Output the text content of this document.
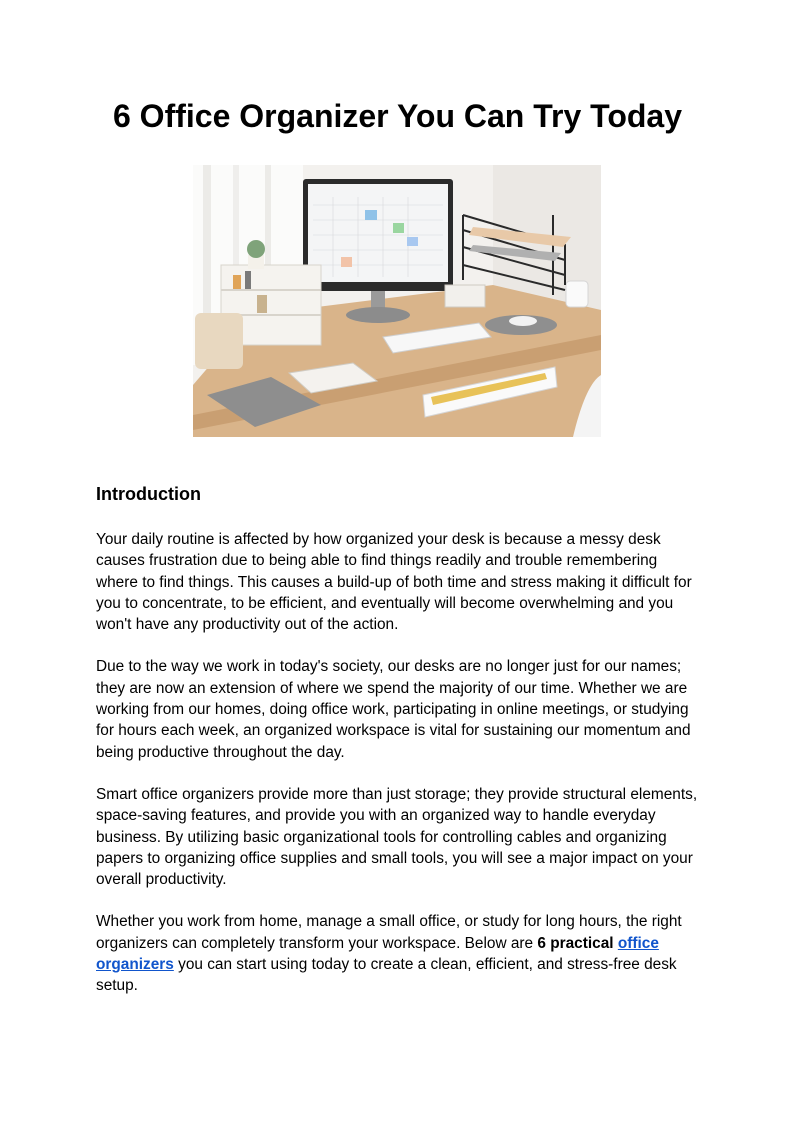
6 Office Organizer You Can Try Today
Introduction

Your daily routine is affected by how organized your desk is because a messy desk causes frustration due to being able to find things readily and trouble remembering where to find things. This causes a build-up of both time and stress making it difficult for you to concentrate, to be efficient, and eventually will become overwhelming and you won't have any productivity out of the action.

Due to the way we work in today's society, our desks are no longer just for our names; they are now an extension of where we spend the majority of our time. Whether we are working from our homes, doing office work, participating in online meetings, or studying for hours each week, an organized workspace is vital for sustaining our momentum and being productive throughout the day.

Smart office organizers provide more than just storage; they provide structural elements, space-saving features, and provide you with an organized way to handle everyday business. By utilizing basic organizational tools for controlling cables and organizing papers to organizing office supplies and small tools, you will see a major impact on your overall productivity.

Whether you work from home, manage a small office, or study for long hours, the right organizers can completely transform your workspace. Below are 6 practical office organizers you can start using today to create a clean, efficient, and stress-free desk setup.
